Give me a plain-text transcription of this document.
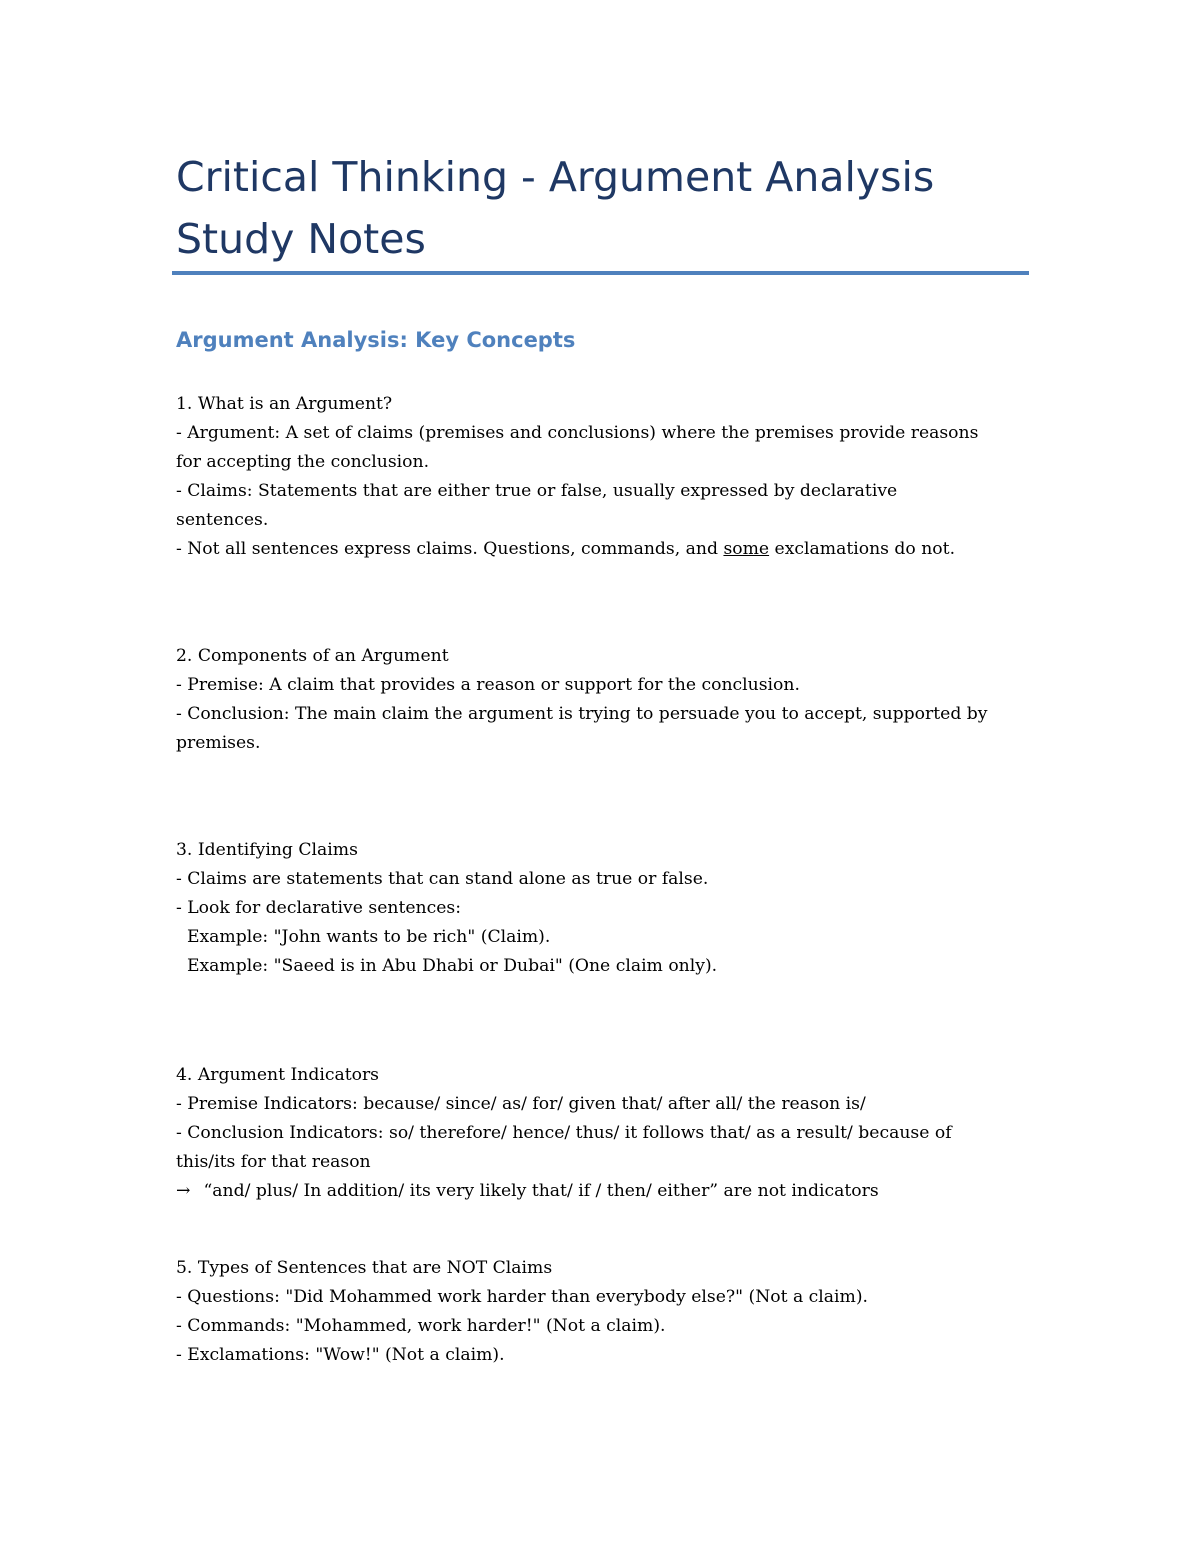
Critical Thinking - Argument Analysis
Study Notes
Argument Analysis: Key Concepts
1. What is an Argument?
- Argument: A set of claims (premises and conclusions) where the premises provide reasons
for accepting the conclusion.
- Claims: Statements that are either true or false, usually expressed by declarative
sentences.
- Not all sentences express claims. Questions, commands, and some exclamations do not.
2. Components of an Argument
- Premise: A claim that provides a reason or support for the conclusion.
- Conclusion: The main claim the argument is trying to persuade you to accept, supported by
premises.
3. Identifying Claims
- Claims are statements that can stand alone as true or false.
- Look for declarative sentences:
Example: "John wants to be rich" (Claim).
Example: "Saeed is in Abu Dhabi or Dubai" (One claim only).
4. Argument Indicators
- Premise Indicators: because/ since/ as/ for/ given that/ after all/ the reason is/
- Conclusion Indicators: so/ therefore/ hence/ thus/ it follows that/ as a result/ because of
this/its for that reason
→ “and/ plus/ In addition/ its very likely that/ if / then/ either” are not indicators
5. Types of Sentences that are NOT Claims
- Questions: "Did Mohammed work harder than everybody else?" (Not a claim).
- Commands: "Mohammed, work harder!" (Not a claim).
- Exclamations: "Wow!" (Not a claim).
